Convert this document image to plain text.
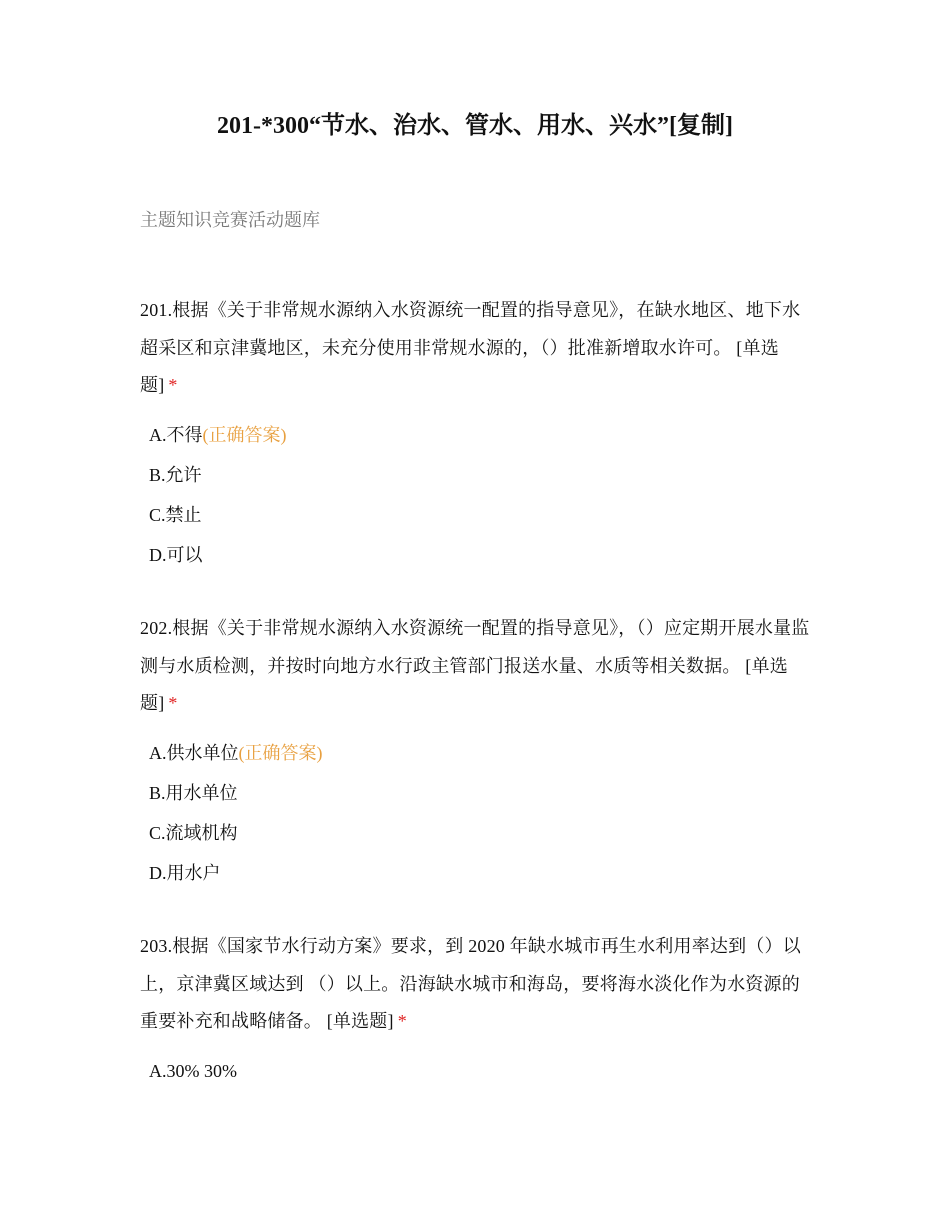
201-*300“节水、治水、管水、用水、兴水”[复制]
主题知识竞赛活动题库

201.根据《关于非常规水源纳入水资源统一配置的指导意见》，在缺水地区、地下水超采区和京津冀地区，未充分使用非常规水源的，（）批准新增取水许可。 [单选题] *

A.不得(正确答案)
B.允许
C.禁止
D.可以

202.根据《关于非常规水源纳入水资源统一配置的指导意见》，（）应定期开展水量监测与水质检测，并按时向地方水行政主管部门报送水量、水质等相关数据。 [单选题] *

A.供水单位(正确答案)
B.用水单位
C.流域机构
D.用水户

203.根据《国家节水行动方案》要求，到 2020 年缺水城市再生水利用率达到（）以上，京津冀区域达到 （）以上。沿海缺水城市和海岛，要将海水淡化作为水资源的重要补充和战略储备。 [单选题] *

A.30% 30%
